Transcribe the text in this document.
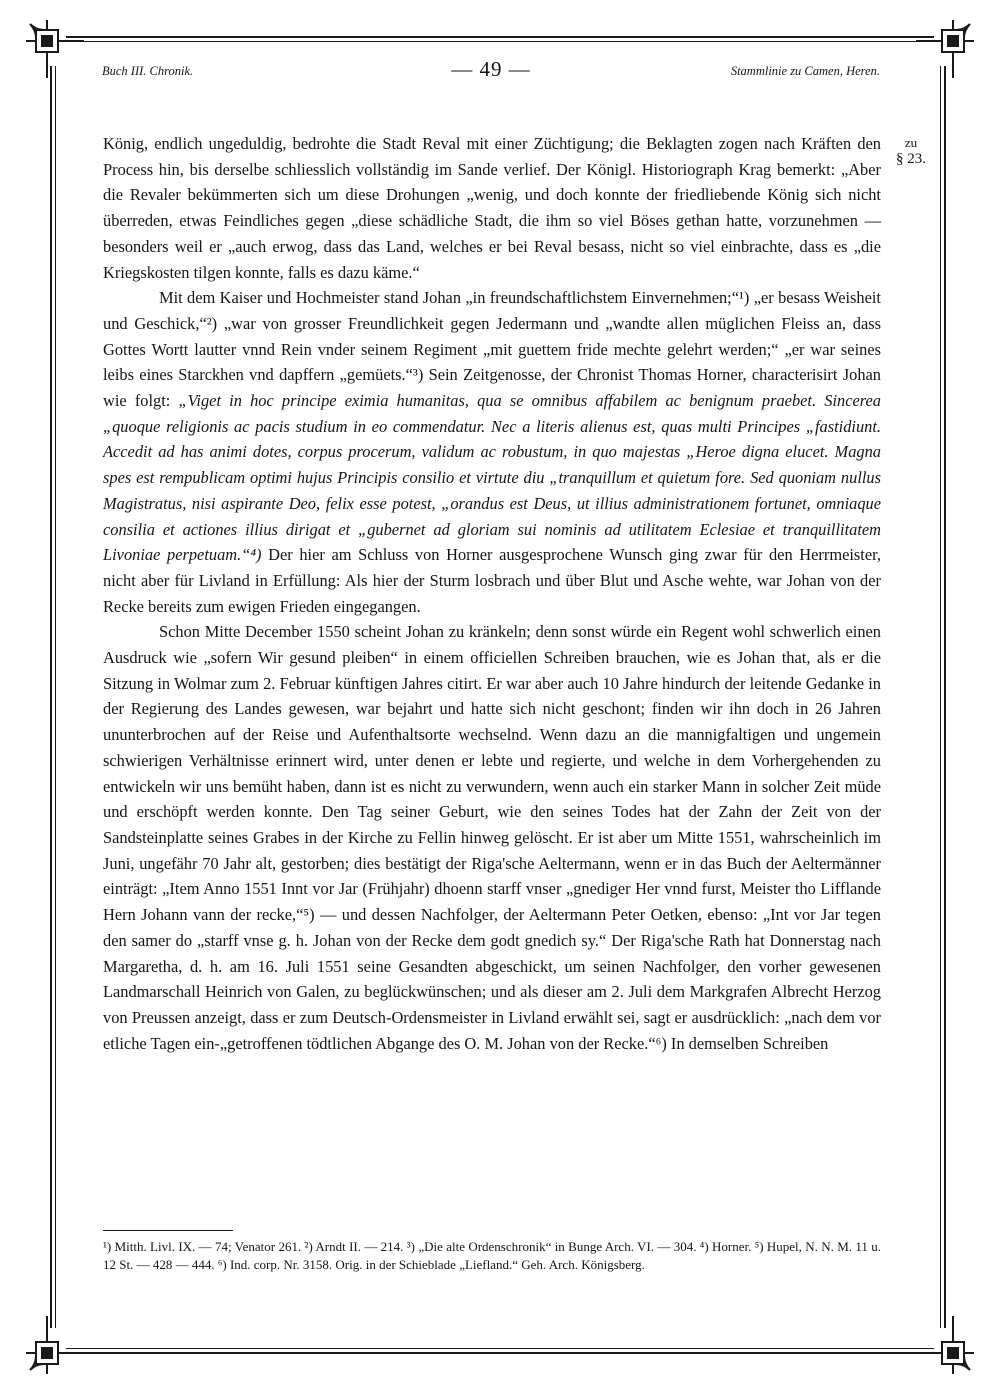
Buch III. Chronik.	— 49 —	Stammlinie zu Camen, Heren.
zu
§ 23.

König, endlich ungeduldig, bedrohte die Stadt Reval mit einer Züchtigung; die Beklagten zogen nach Kräften den Process hin, bis derselbe schliesslich vollständig im Sande verlief. Der Königl. Historiograph Krag bemerkt: „Aber die Revaler bekümmerten sich um diese Drohungen „wenig, und doch konnte der friedliebende König sich nicht überreden, etwas Feindliches gegen „diese schädliche Stadt, die ihm so viel Böses gethan hatte, vorzunehmen — besonders weil er „auch erwog, dass das Land, welches er bei Reval besass, nicht so viel einbrachte, dass es „die Kriegskosten tilgen konnte, falls es dazu käme.“

Mit dem Kaiser und Hochmeister stand Johan „in freundschaftlichstem Einvernehmen;“¹) „er besass Weisheit und Geschick,“²) „war von grosser Freundlichkeit gegen Jedermann und „wandte allen müglichen Fleiss an, dass Gottes Wortt lautter vnnd Rein vnder seinem Regiment „mit guettem fride mechte gelehrt werden;“ „er war seines leibs eines Starckhen vnd dapffern „gemüets.“³) Sein Zeitgenosse, der Chronist Thomas Horner, characterisirt Johan wie folgt: „Viget in hoc principe eximia humanitas, qua se omnibus affabilem ac benignum praebet. Sincerea „quoque religionis ac pacis studium in eo commendatur. Nec a literis alienus est, quas multi Principes „fastidiunt. Accedit ad has animi dotes, corpus procerum, validum ac robustum, in quo majestas „Heroe digna elucet. Magna spes est rempublicam optimi hujus Principis consilio et virtute diu „tranquillum et quietum fore. Sed quoniam nullus Magistratus, nisi aspirante Deo, felix esse potest, „orandus est Deus, ut illius administrationem fortunet, omniaque consilia et actiones illius dirigat et „gubernet ad gloriam sui nominis ad utilitatem Eclesiae et tranquillitatem Livoniae perpetuam.“⁴) Der hier am Schluss von Horner ausgesprochene Wunsch ging zwar für den Herrmeister, nicht aber für Livland in Erfüllung: Als hier der Sturm losbrach und über Blut und Asche wehte, war Johan von der Recke bereits zum ewigen Frieden eingegangen.

Schon Mitte December 1550 scheint Johan zu kränkeln; denn sonst würde ein Regent wohl schwerlich einen Ausdruck wie „sofern Wir gesund pleiben“ in einem officiellen Schreiben brauchen, wie es Johan that, als er die Sitzung in Wolmar zum 2. Februar künftigen Jahres citirt. Er war aber auch 10 Jahre hindurch der leitende Gedanke in der Regierung des Landes gewesen, war bejahrt und hatte sich nicht geschont; finden wir ihn doch in 26 Jahren ununterbrochen auf der Reise und Aufenthaltsorte wechselnd. Wenn dazu an die mannigfaltigen und ungemein schwierigen Verhältnisse erinnert wird, unter denen er lebte und regierte, und welche in dem Vorhergehenden zu entwickeln wir uns bemüht haben, dann ist es nicht zu verwundern, wenn auch ein starker Mann in solcher Zeit müde und erschöpft werden konnte. Den Tag seiner Geburt, wie den seines Todes hat der Zahn der Zeit von der Sandsteinplatte seines Grabes in der Kirche zu Fellin hinweg gelöscht. Er ist aber um Mitte 1551, wahrscheinlich im Juni, ungefähr 70 Jahr alt, gestorben; dies bestätigt der Riga'sche Aeltermann, wenn er in das Buch der Aeltermänner einträgt: „Item Anno 1551 Innt vor Jar (Frühjahr) dhoenn starff vnser „gnediger Her vnnd furst, Meister tho Lifflande Hern Johann vann der recke,“⁵) — und dessen Nachfolger, der Aeltermann Peter Oetken, ebenso: „Int vor Jar tegen den samer do „starff vnse g. h. Johan von der Recke dem godt gnedich sy.“ Der Riga'sche Rath hat Donnerstag nach Margaretha, d. h. am 16. Juli 1551 seine Gesandten abgeschickt, um seinen Nachfolger, den vorher gewesenen Landmarschall Heinrich von Galen, zu beglückwünschen; und als dieser am 2. Juli dem Markgrafen Albrecht Herzog von Preussen anzeigt, dass er zum Deutsch-Ordensmeister in Livland erwählt sei, sagt er ausdrücklich: „nach dem vor etliche Tagen ein-„getroffenen tödtlichen Abgange des O. M. Johan von der Recke.“⁶) In demselben Schreiben

¹) Mitth. Livl. IX. — 74; Venator 261. ²) Arndt II. — 214. ³) „Die alte Ordenschronik“ in Bunge Arch. VI. — 304. ⁴) Horner. ⁵) Hupel, N. N. M. 11 u. 12 St. — 428 — 444. ⁶) Ind. corp. Nr. 3158. Orig. in der Schieblade „Liefland.“ Geh. Arch. Königsberg.
